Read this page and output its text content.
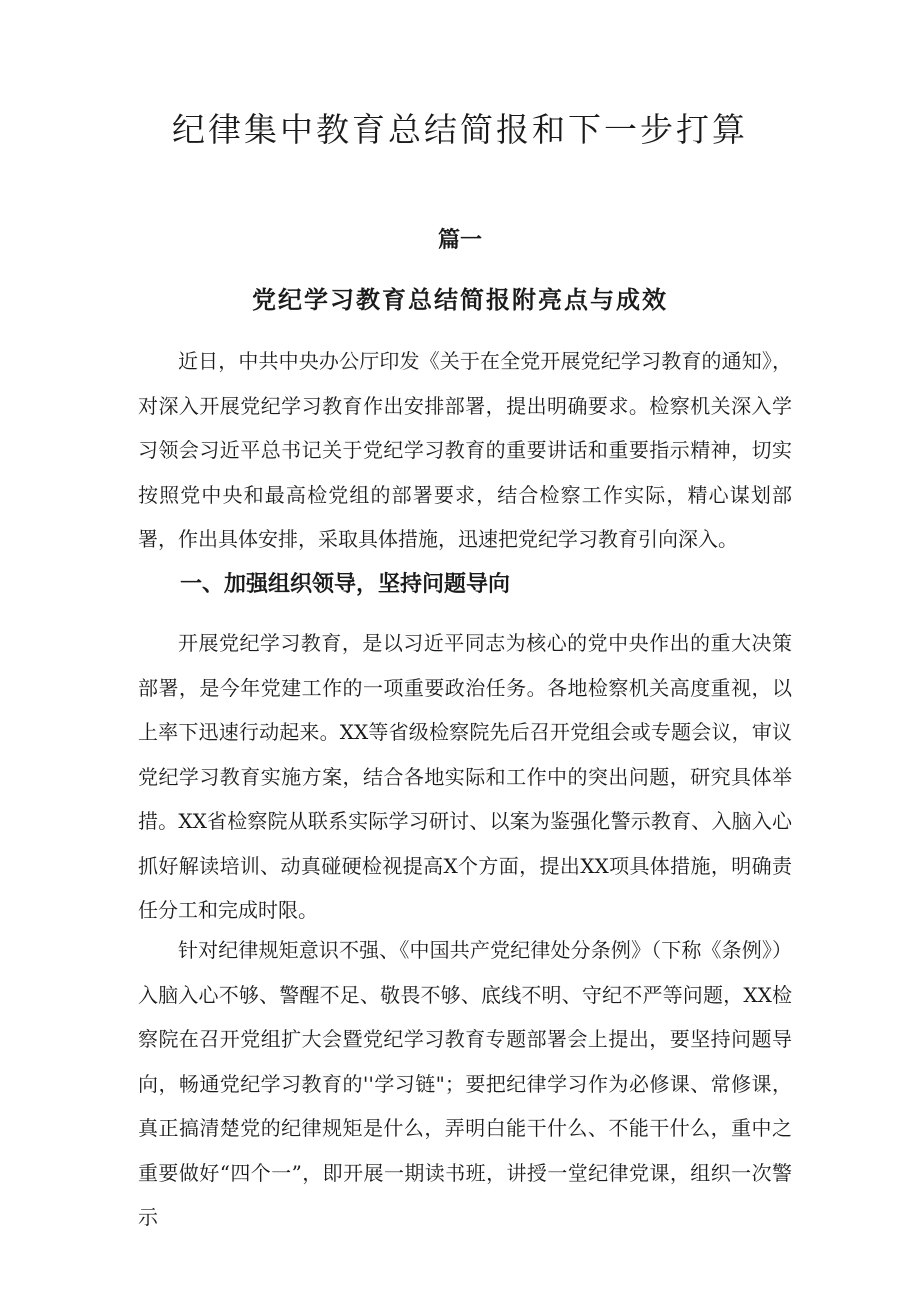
纪律集中教育总结简报和下一步打算
篇一
党纪学习教育总结简报附亮点与成效

近日，中共中央办公厅印发《关于在全党开展党纪学习教育的通知》，对深入开展党纪学习教育作出安排部署，提出明确要求。检察机关深入学习领会习近平总书记关于党纪学习教育的重要讲话和重要指示精神，切实按照党中央和最高检党组的部署要求，结合检察工作实际，精心谋划部署，作出具体安排，采取具体措施，迅速把党纪学习教育引向深入。

一、加强组织领导，坚持问题导向

开展党纪学习教育，是以习近平同志为核心的党中央作出的重大决策部署，是今年党建工作的一项重要政治任务。各地检察机关高度重视，以上率下迅速行动起来。XX等省级检察院先后召开党组会或专题会议，审议党纪学习教育实施方案，结合各地实际和工作中的突出问题，研究具体举措。XX省检察院从联系实际学习研讨、以案为鉴强化警示教育、入脑入心抓好解读培训、动真碰硬检视提高X个方面，提出XX项具体措施，明确责任分工和完成时限。

针对纪律规矩意识不强、《中国共产党纪律处分条例》（下称《条例》）入脑入心不够、警醒不足、敬畏不够、底线不明、守纪不严等问题，XX检察院在召开党组扩大会暨党纪学习教育专题部署会上提出，要坚持问题导向，畅通党纪学习教育的''学习链"；要把纪律学习作为必修课、常修课，真正搞清楚党的纪律规矩是什么，弄明白能干什么、不能干什么，重中之重要做好“四个一”，即开展一期读书班，讲授一堂纪律党课，组织一次警示
